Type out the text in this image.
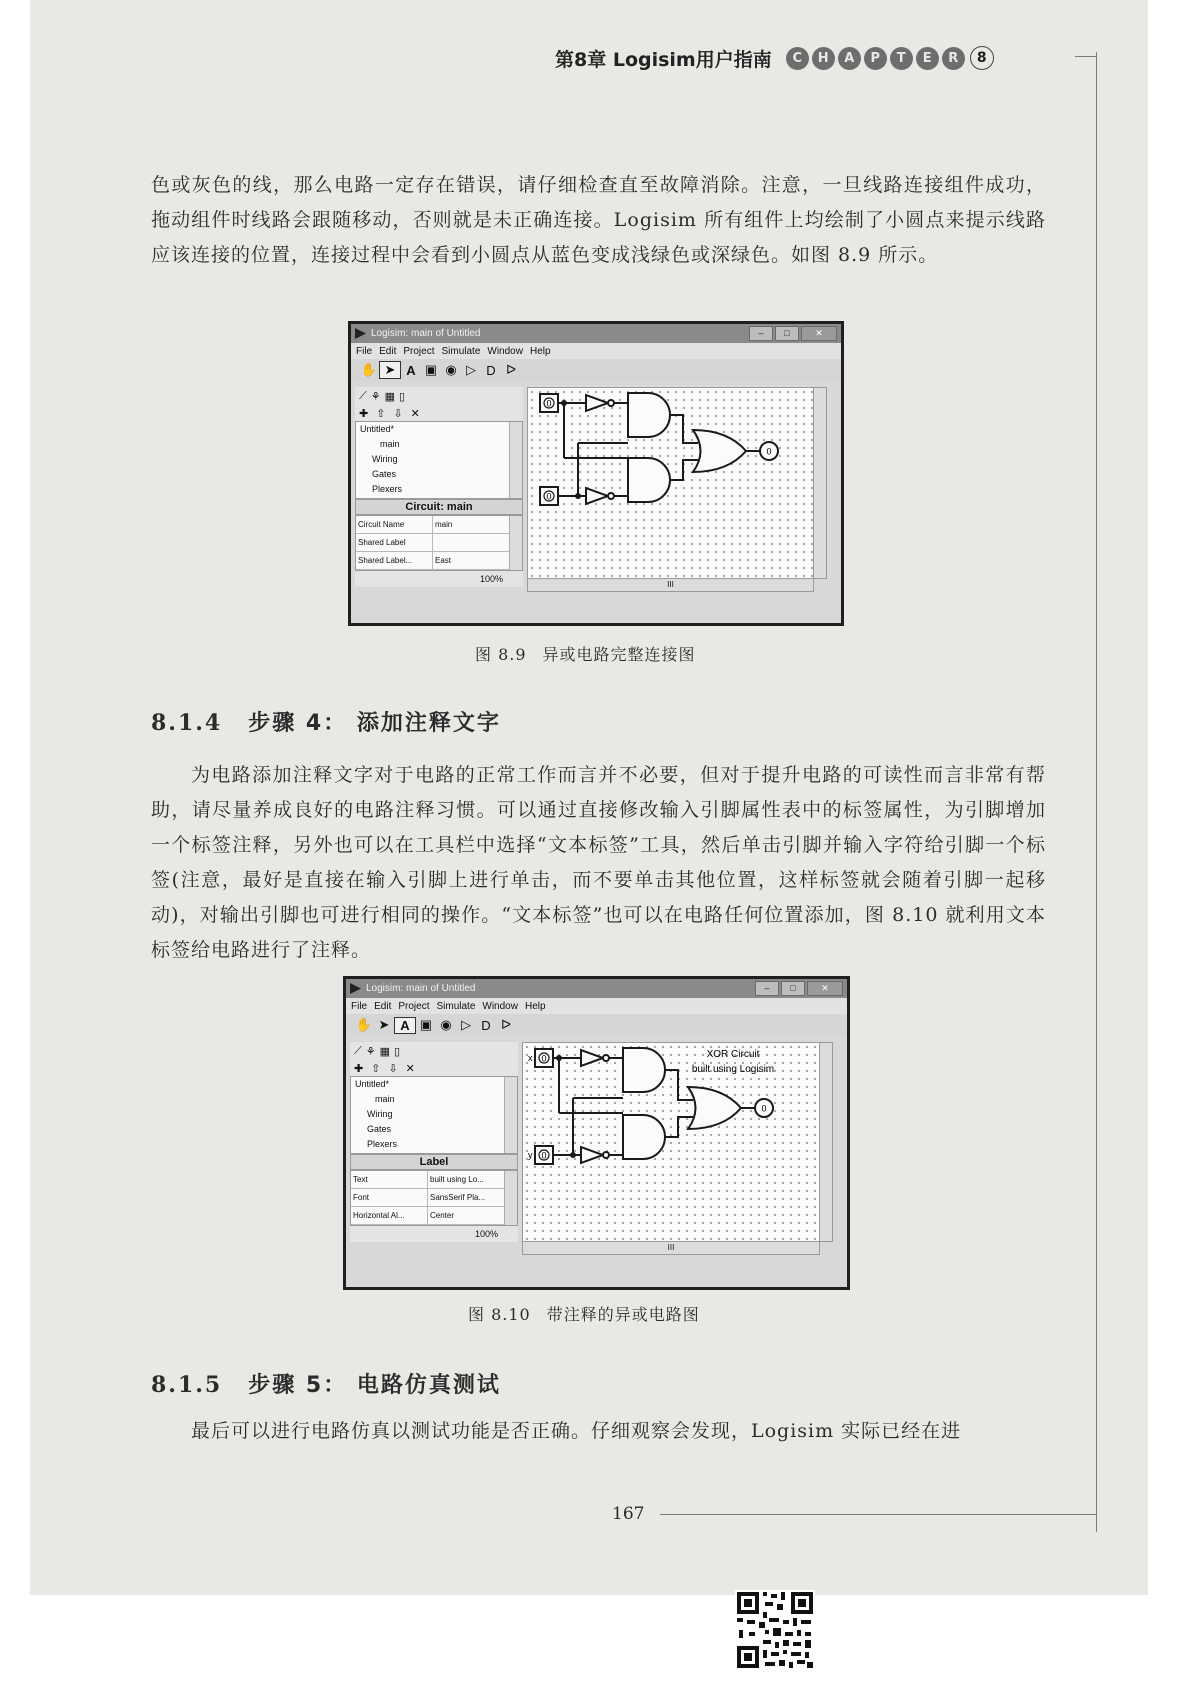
第8章 Logisim用户指南	C	H	A	P	T	E	R	8

色或灰色的线，那么电路一定存在错误，请仔细检查直至故障消除。注意，一旦线路连接组件成功，拖动组件时线路会跟随移动，否则就是未正确连接。Logisim 所有组件上均绘制了小圆点来提示线路应该连接的位置，连接过程中会看到小圆点从蓝色变成浅绿色或深绿色。如图 8.9 所示。

Logisim: main of Untitled	–	□	✕
File Edit Project Simulate Window Help
✋ ➤ A ▣ ◉ ▷ D ᐅ
⟋ ⚘ ▦ ▯
✚ ⇧ ⇩ ✕
Untitled*
main
Wiring
Gates
Plexers
Circuit: main
Circuit Name	main
Shared Label
Shared Label...	East
100%
0
0
0
III

图 8.9 异或电路完整连接图

8.1.4 步骤 4： 添加注释文字

为电路添加注释文字对于电路的正常工作而言并不必要，但对于提升电路的可读性而言非常有帮助，请尽量养成良好的电路注释习惯。可以通过直接修改输入引脚属性表中的标签属性，为引脚增加一个标签注释，另外也可以在工具栏中选择“文本标签”工具，然后单击引脚并输入字符给引脚一个标签(注意，最好是直接在输入引脚上进行单击，而不要单击其他位置，这样标签就会随着引脚一起移动)，对输出引脚也可进行相同的操作。“文本标签”也可以在电路任何位置添加，图 8.10 就利用文本标签给电路进行了注释。

Logisim: main of Untitled	–	□	✕
File Edit Project Simulate Window Help
✋ ➤ A ▣ ◉ ▷ D ᐅ
⟋ ⚘ ▦ ▯
✚ ⇧ ⇩ ✕
Untitled*
main
Wiring
Gates
Plexers
Label
Text	built using Lo...
Font	SansSerif Pla...
Horizontal Al...	Center
100%
0
0
0
x
y
XOR Circuit
built using Logisim
III

图 8.10 带注释的异或电路图

8.1.5 步骤 5： 电路仿真测试

最后可以进行电路仿真以测试功能是否正确。仔细观察会发现，Logisim 实际已经在进

167
